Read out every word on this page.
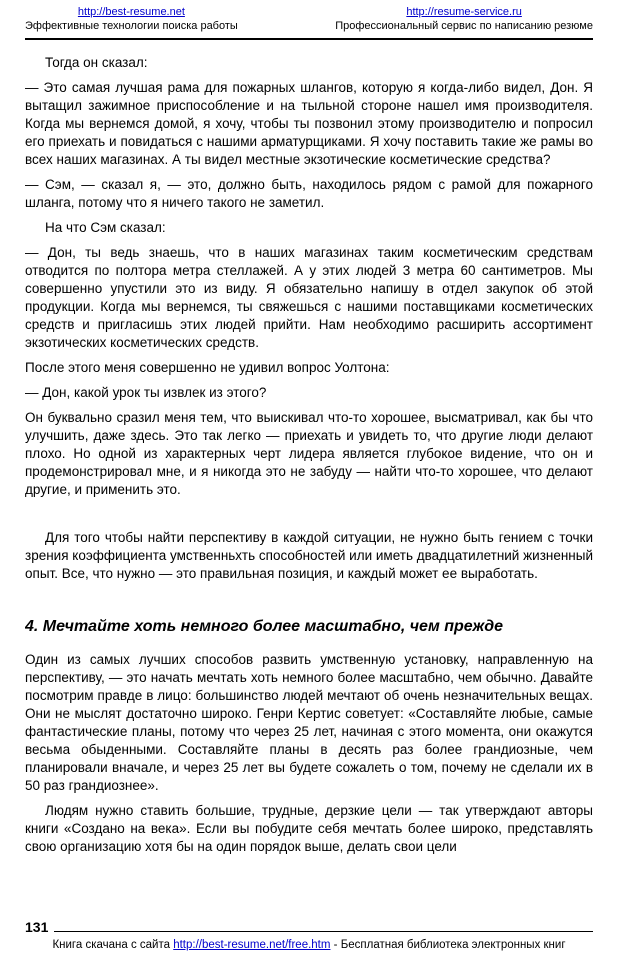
http://best-resume.net
Эффективные технологии поиска работы
http://resume-service.ru
Профессиональный сервис по написанию резюме

Тогда он сказал:

— Это самая лучшая рама для пожарных шлангов, которую я когда-либо видел, Дон. Я вытащил зажимное приспособление и на тыльной стороне нашел имя производителя. Когда мы вернемся домой, я хочу, чтобы ты позвонил этому производителю и попросил его приехать и повидаться с нашими арматурщиками. Я хочу поставить такие же рамы во всех наших магазинах. А ты видел местные экзотические косметические средства?

— Сэм, — сказал я, — это, должно быть, находилось рядом с рамой для пожарного шланга, потому что я ничего такого не заметил.

На что Сэм сказал:

— Дон, ты ведь знаешь, что в наших магазинах таким косметическим средствам отводится по полтора метра стеллажей. А у этих людей 3 метра 60 сантиметров. Мы совершенно упустили это из виду. Я обязательно напишу в отдел закупок об этой продукции. Когда мы вернемся, ты свяжешься с нашими поставщиками косметических средств и пригласишь этих людей прийти. Нам необходимо расширить ассортимент экзотических косметических средств.

После этого меня совершенно не удивил вопрос Уолтона:

— Дон, какой урок ты извлек из этого?

Он буквально сразил меня тем, что выискивал что-то хорошее, высматривал, как бы что улучшить, даже здесь. Это так легко — приехать и увидеть то, что другие люди делают плохо. Но одной из характерных черт лидера является глубокое видение, что он и продемонстрировал мне, и я никогда это не забуду — найти что-то хорошее, что делают другие, и применить это.

Для того чтобы найти перспективу в каждой ситуации, не нужно быть гением с точки зрения коэффициента умственньхть способностей или иметь двадцатилетний жизненный опыт. Все, что нужно — это правильная позиция, и каждый может ее выработать.

4. Мечтайте хоть немного более масштабно, чем прежде

Один из самых лучших способов развить умственную установку, направленную на перспективу, — это начать мечтать хоть немного более масштабно, чем обычно. Давайте посмотрим правде в лицо: большинство людей мечтают об очень незначительных вещах. Они не мыслят достаточно широко. Генри Кертис советует: «Составляйте любые, самые фантастические планы, потому что через 25 лет, начиная с этого момента, они окажутся весьма обыденными. Составляйте планы в десять раз более грандиозные, чем планировали вначале, и через 25 лет вы будете сожалеть о том, почему не сделали их в 50 раз грандиознее».

Людям нужно ставить большие, трудные, дерзкие цели — так утверждают авторы книги «Создано на века». Если вы побудите себя мечтать более широко, представлять свою организацию хотя бы на один порядок выше, делать свои цели

131
Книга скачана с сайта http://best-resume.net/free.htm - Бесплатная библиотека электронных книг
